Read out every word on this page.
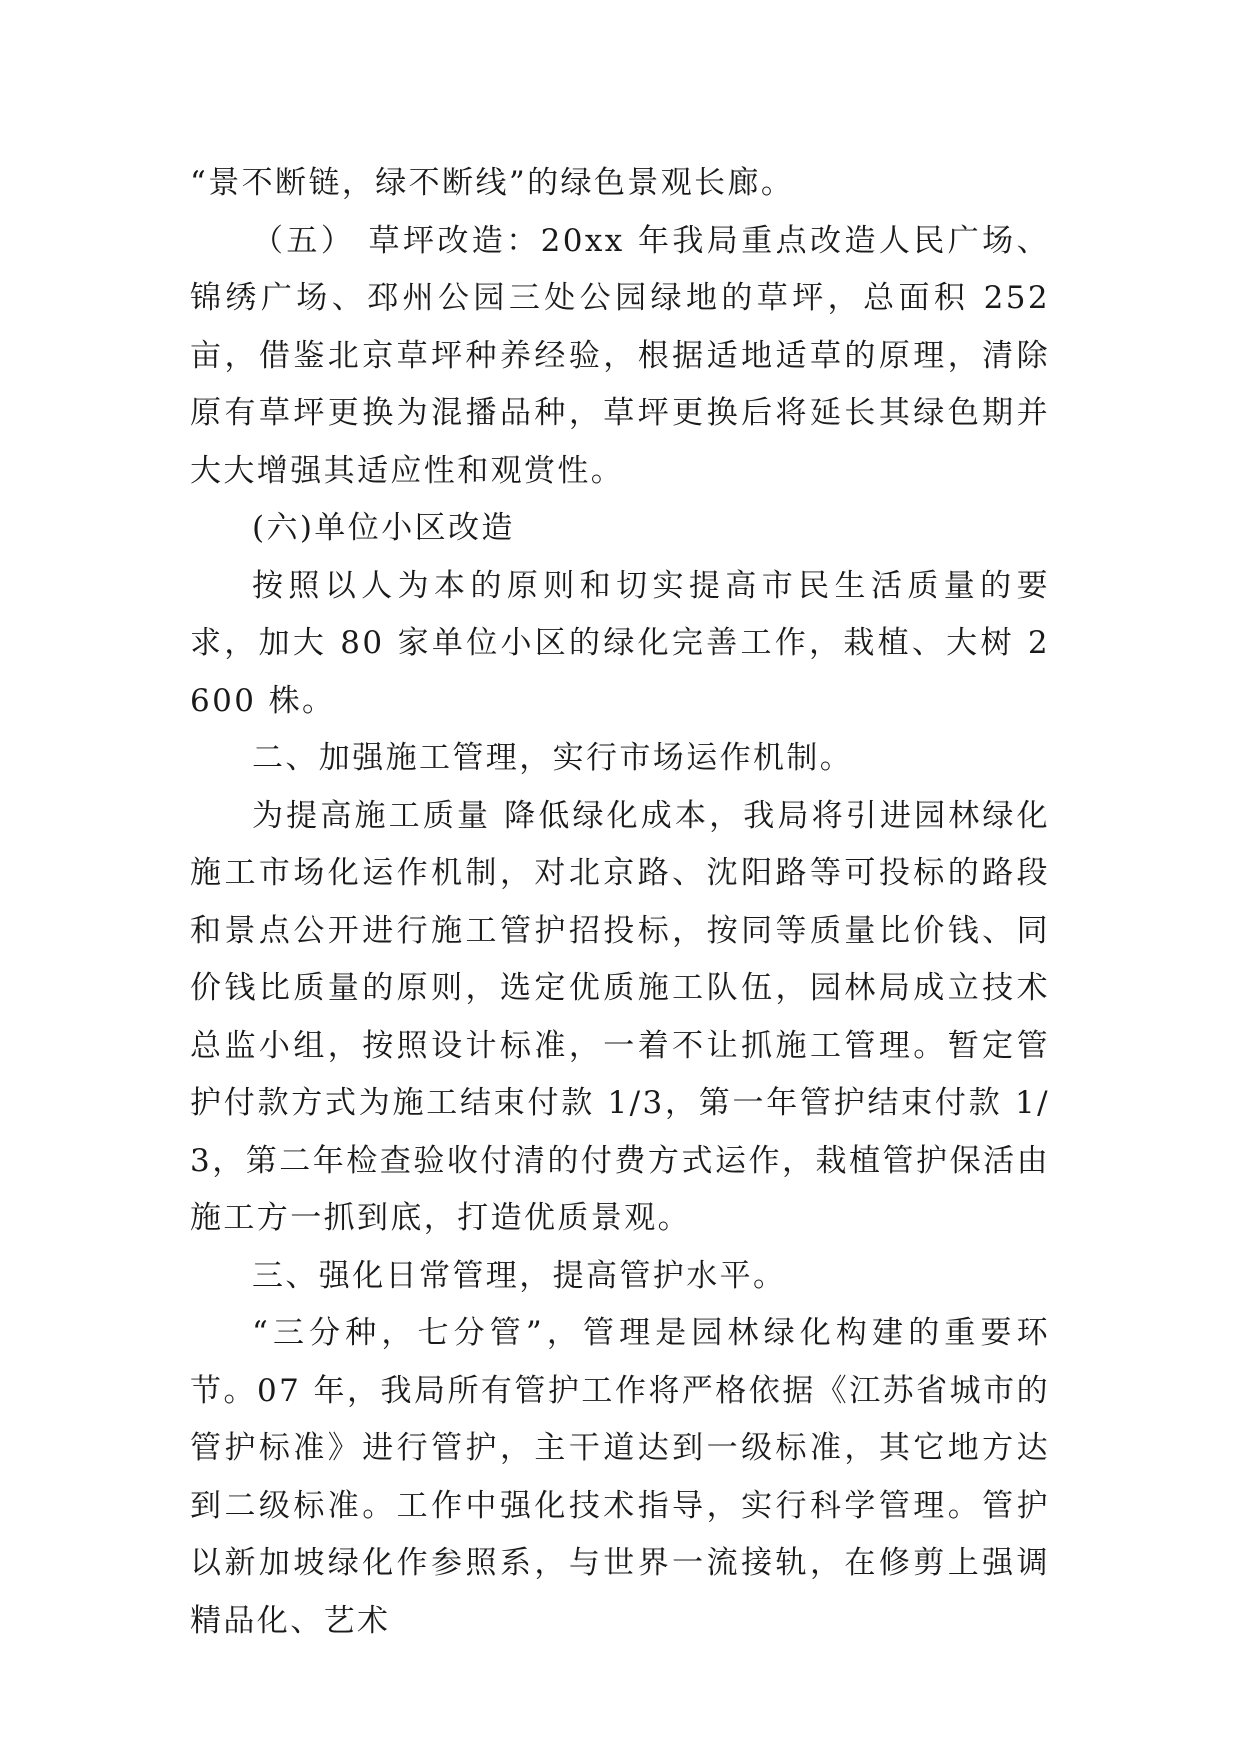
“景不断链，绿不断线”的绿色景观长廊。

（五） 草坪改造：20xx 年我局重点改造人民广场、锦绣广场、邳州公园三处公园绿地的草坪，总面积 252 亩，借鉴北京草坪种养经验，根据适地适草的原理，清除原有草坪更换为混播品种，草坪更换后将延长其绿色期并大大增强其适应性和观赏性。

(六)单位小区改造

按照以人为本的原则和切实提高市民生活质量的要求，加大 80 家单位小区的绿化完善工作，栽植、大树 2600 株。

二、加强施工管理，实行市场运作机制。

为提高施工质量 降低绿化成本，我局将引进园林绿化施工市场化运作机制，对北京路、沈阳路等可投标的路段和景点公开进行施工管护招投标，按同等质量比价钱、同价钱比质量的原则，选定优质施工队伍，园林局成立技术总监小组，按照设计标准，一着不让抓施工管理。暂定管护付款方式为施工结束付款 1/3，第一年管护结束付款 1/3，第二年检查验收付清的付费方式运作，栽植管护保活由施工方一抓到底，打造优质景观。

三、强化日常管理，提高管护水平。

“三分种，七分管”，管理是园林绿化构建的重要环节。07 年，我局所有管护工作将严格依据《江苏省城市的管护标准》进行管护，主干道达到一级标准，其它地方达到二级标准。工作中强化技术指导，实行科学管理。管护以新加坡绿化作参照系，与世界一流接轨，在修剪上强调精品化、艺术
